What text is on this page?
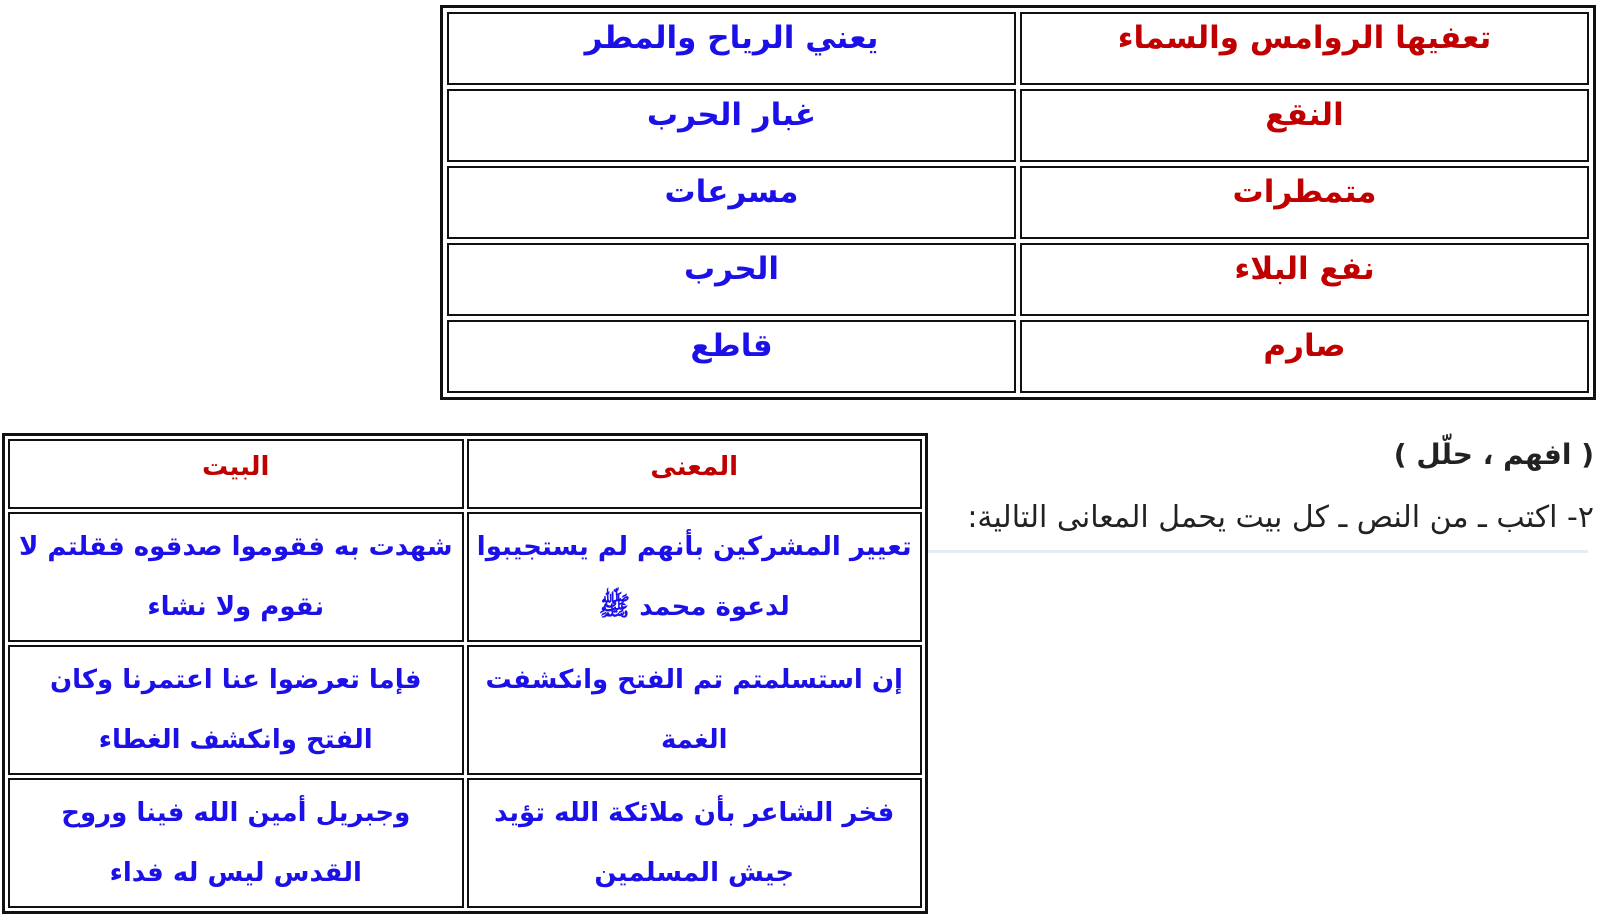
تعفيها الروامس والسماء	يعني الرياح والمطر
النقع	غبار الحرب
متمطرات	مسرعات
نفع البلاء	الحرب
صارم	قاطع
( افهم ، حلّل )
٢- اكتب ـ من النص ـ كل بيت يحمل المعانى التالية:
المعنى	البيت
تعيير المشركين بأنهم لم يستجيبوا لدعوة محمد ﷺ	شهدت به فقوموا صدقوه فقلتم لا نقوم ولا نشاء
إن استسلمتم تم الفتح وانكشفت الغمة	فإما تعرضوا عنا اعتمرنا وكان الفتح وانكشف الغطاء
فخر الشاعر بأن ملائكة الله تؤيد جيش المسلمين	وجبريل أمين الله فينا وروح القدس ليس له فداء
